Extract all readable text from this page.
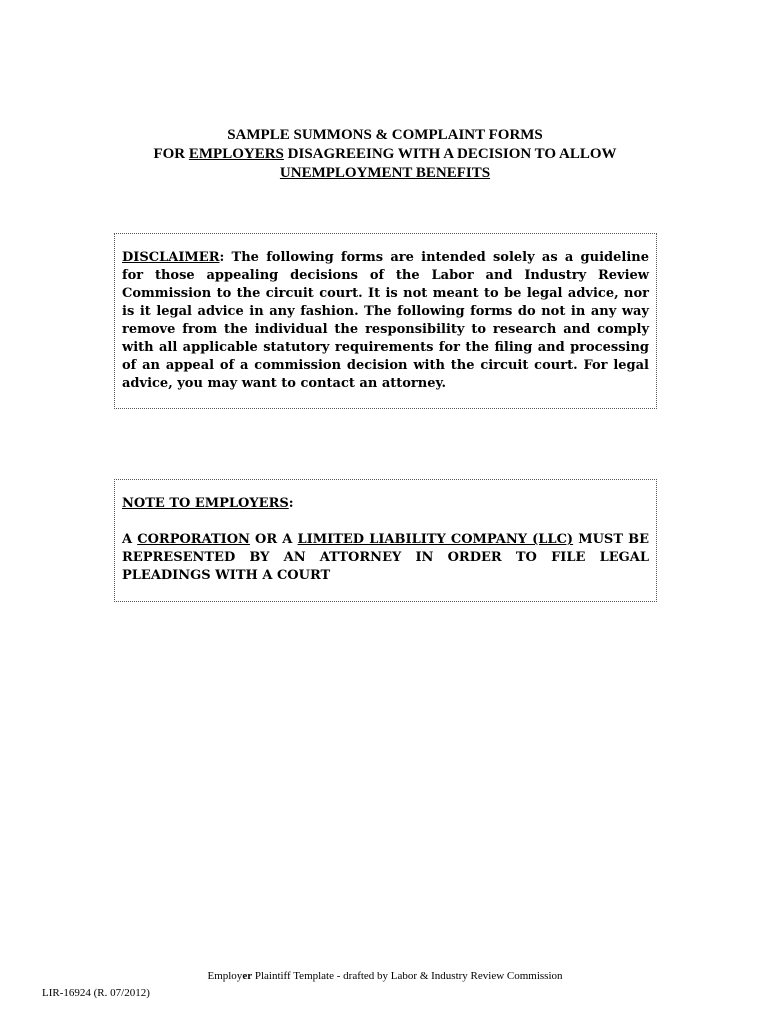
SAMPLE SUMMONS & COMPLAINT FORMS
FOR EMPLOYERS DISAGREEING WITH A DECISION TO ALLOW
UNEMPLOYMENT BENEFITS
DISCLAIMER: The following forms are intended solely as a guideline for those appealing decisions of the Labor and Industry Review Commission to the circuit court. It is not meant to be legal advice, nor is it legal advice in any fashion. The following forms do not in any way remove from the individual the responsibility to research and comply with all applicable statutory requirements for the filing and processing of an appeal of a commission decision with the circuit court. For legal advice, you may want to contact an attorney.
NOTE TO EMPLOYERS:
A CORPORATION OR A LIMITED LIABILITY COMPANY (LLC) MUST BE REPRESENTED BY AN ATTORNEY IN ORDER TO FILE LEGAL PLEADINGS WITH A COURT
Employer Plaintiff Template - drafted by Labor & Industry Review Commission
LIR-16924 (R. 07/2012)
